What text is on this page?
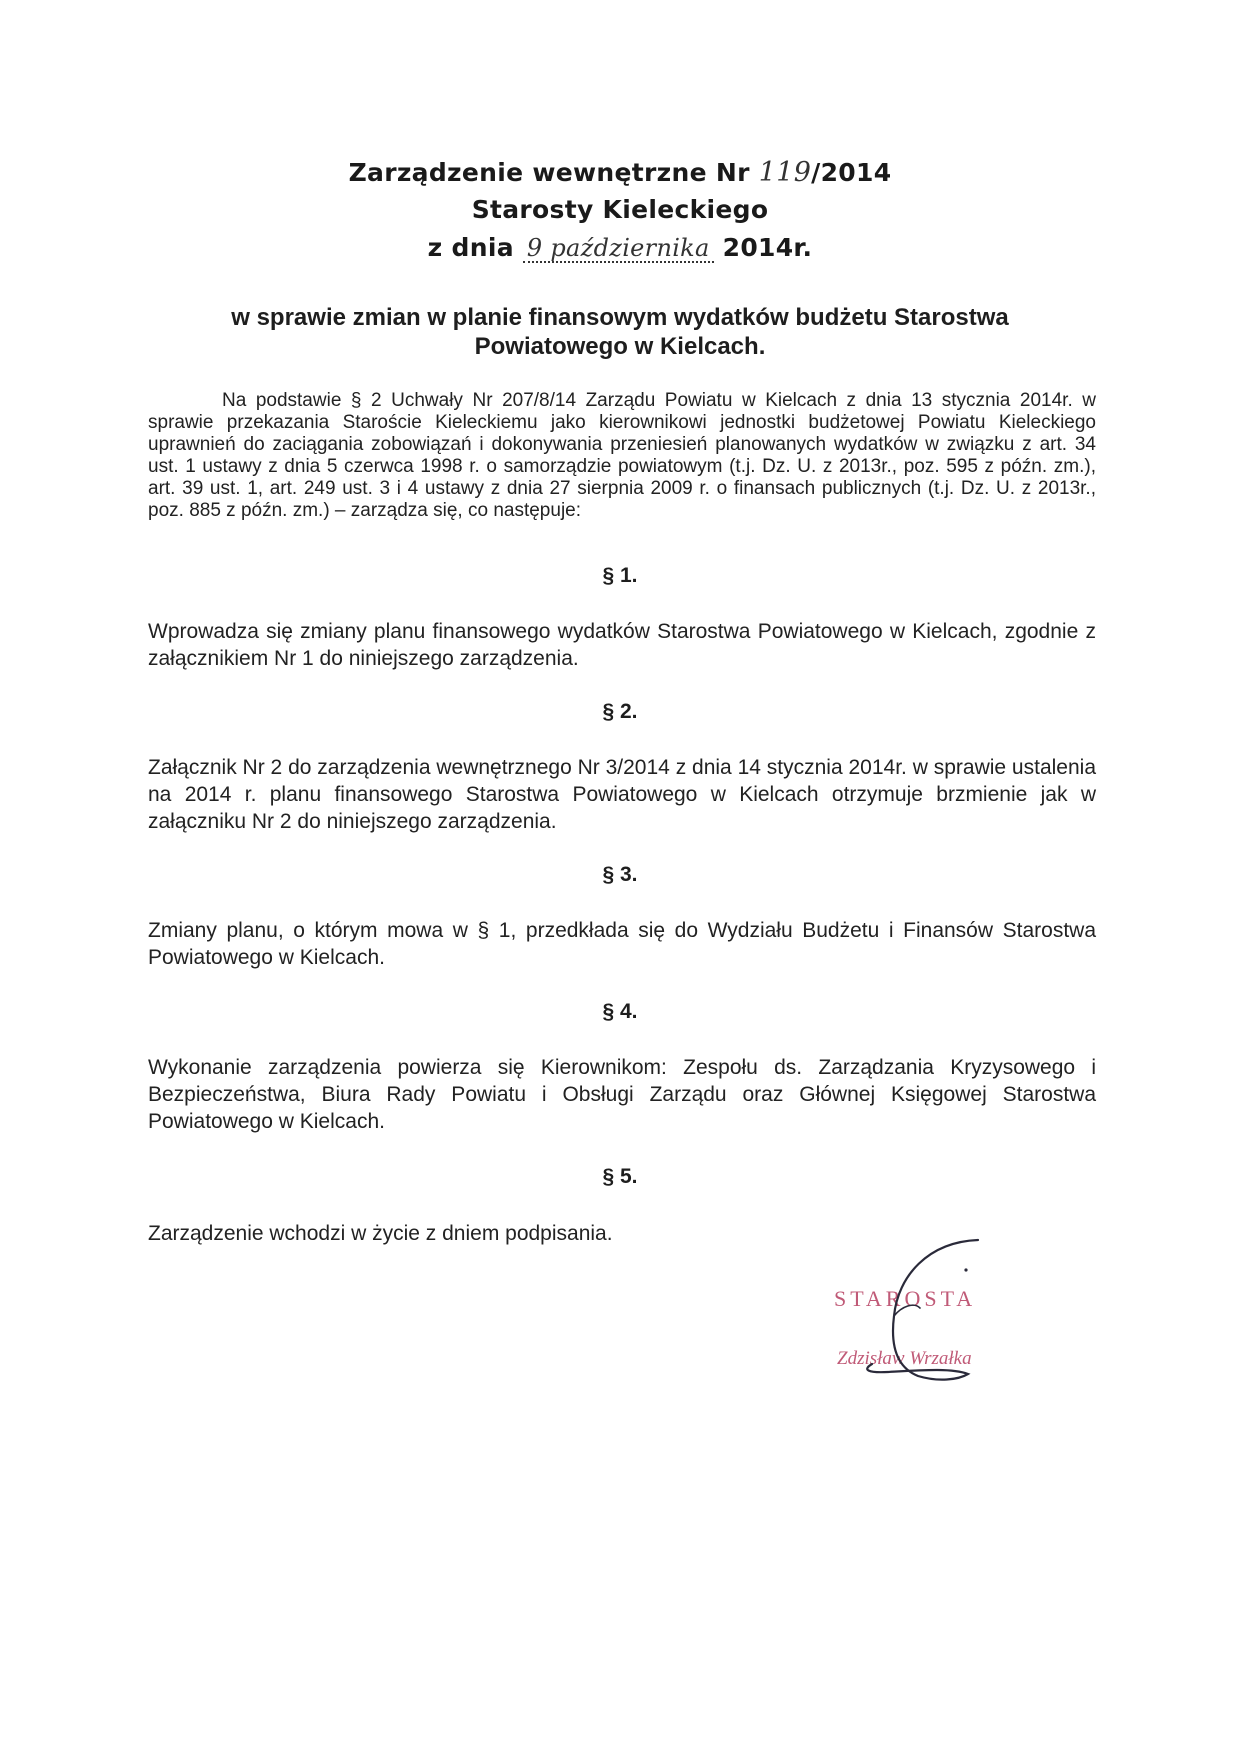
Zarządzenie wewnętrzne Nr 119/2014
Starosty Kieleckiego
z dnia 9 października 2014r.
w sprawie zmian w planie finansowym wydatków budżetu Starostwa Powiatowego w Kielcach.
Na podstawie § 2 Uchwały Nr 207/8/14 Zarządu Powiatu w Kielcach z dnia 13 stycznia 2014r. w sprawie przekazania Staroście Kieleckiemu jako kierownikowi jednostki budżetowej Powiatu Kieleckiego uprawnień do zaciągania zobowiązań i dokonywania przeniesień planowanych wydatków w związku z art. 34 ust. 1 ustawy z dnia 5 czerwca 1998 r. o samorządzie powiatowym (t.j. Dz. U. z 2013r., poz. 595 z późn. zm.), art. 39 ust. 1, art. 249 ust. 3 i 4 ustawy z dnia 27 sierpnia 2009 r. o finansach publicznych (t.j. Dz. U. z 2013r., poz. 885 z późn. zm.) – zarządza się, co następuje:
§ 1.
Wprowadza się zmiany planu finansowego wydatków Starostwa Powiatowego w Kielcach, zgodnie z załącznikiem Nr 1 do niniejszego zarządzenia.
§ 2.
Załącznik Nr 2 do zarządzenia wewnętrznego Nr 3/2014 z dnia 14 stycznia 2014r. w sprawie ustalenia na 2014 r. planu finansowego Starostwa Powiatowego w Kielcach otrzymuje brzmienie jak w załączniku Nr 2 do niniejszego zarządzenia.
§ 3.
Zmiany planu, o którym mowa w § 1, przedkłada się do Wydziału Budżetu i Finansów Starostwa Powiatowego w Kielcach.
§ 4.
Wykonanie zarządzenia powierza się Kierownikom: Zespołu ds. Zarządzania Kryzysowego i Bezpieczeństwa, Biura Rady Powiatu i Obsługi Zarządu oraz Głównej Księgowej Starostwa Powiatowego w Kielcach.
§ 5.
Zarządzenie wchodzi w życie z dniem podpisania.
STAROSTA
Zdzisław Wrzałka
